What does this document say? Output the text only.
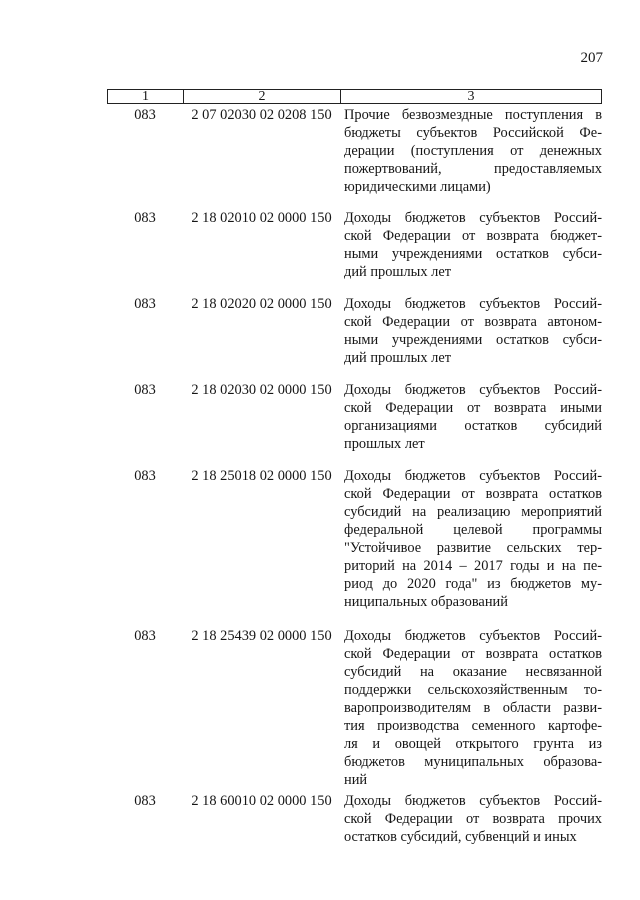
207
1	2	3
083	2 07 02030 02 0208 150 Прочие безвозмездные поступления в
бюджеты субъектов Российской Фе-
дерации (поступления от денежных
пожертвований, предоставляемых
юридическими лицами)
083	2 18 02010 02 0000 150 Доходы бюджетов субъектов Россий-
ской Федерации от возврата бюджет-
ными учреждениями остатков субси-
дий прошлых лет
083	2 18 02020 02 0000 150 Доходы бюджетов субъектов Россий-
ской Федерации от возврата автоном-
ными учреждениями остатков субси-
дий прошлых лет
083	2 18 02030 02 0000 150 Доходы бюджетов субъектов Россий-
ской Федерации от возврата иными
организациями остатков субсидий
прошлых лет
083	2 18 25018 02 0000 150 Доходы бюджетов субъектов Россий-
ской Федерации от возврата остатков
субсидий на реализацию мероприятий
федеральной целевой программы
"Устойчивое развитие сельских тер-
риторий на 2014 – 2017 годы и на пе-
риод до 2020 года" из бюджетов му-
ниципальных образований
083	2 18 25439 02 0000 150 Доходы бюджетов субъектов Россий-
ской Федерации от возврата остатков
субсидий на оказание несвязанной
поддержки сельскохозяйственным то-
варопроизводителям в области разви-
тия производства семенного картофе-
ля и овощей открытого грунта из
бюджетов муниципальных образова-
ний
083	2 18 60010 02 0000 150 Доходы бюджетов субъектов Россий-
ской Федерации от возврата прочих
остатков субсидий, субвенций и иных
